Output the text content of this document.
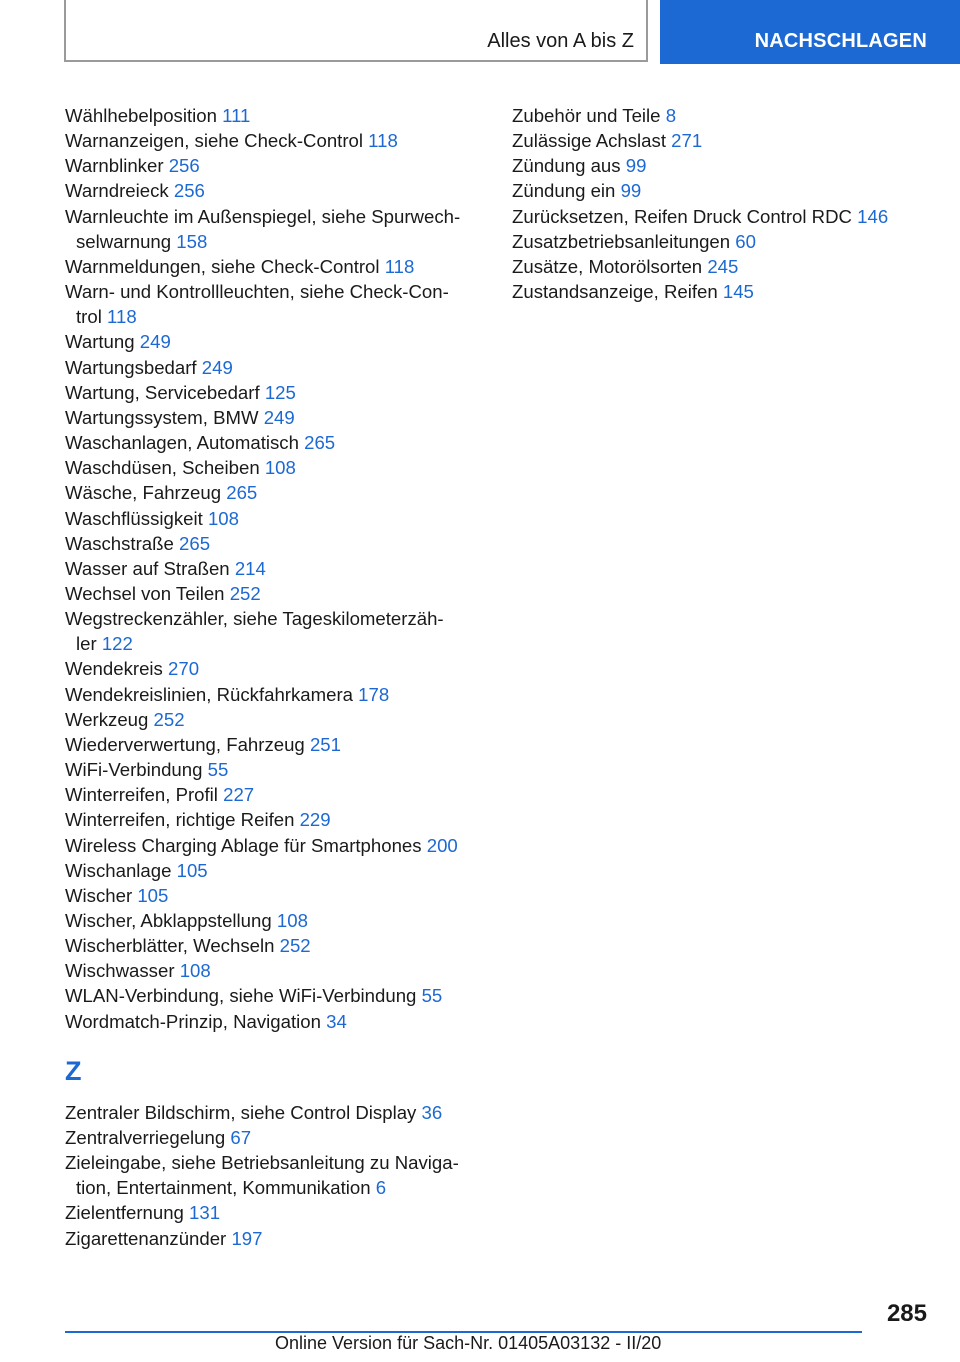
Alles von A bis Z	NACHSCHLAGEN
Wählhebelposition 111
Warnanzeigen, siehe Check-Control 118
Warnblinker 256
Warndreieck 256
Warnleuchte im Außenspiegel, siehe Spurwech-
selwarnung 158
Warnmeldungen, siehe Check-Control 118
Warn- und Kontrollleuchten, siehe Check-Con-
trol 118
Wartung 249
Wartungsbedarf 249
Wartung, Servicebedarf 125
Wartungssystem, BMW 249
Waschanlagen, Automatisch 265
Waschdüsen, Scheiben 108
Wäsche, Fahrzeug 265
Waschflüssigkeit 108
Waschstraße 265
Wasser auf Straßen 214
Wechsel von Teilen 252
Wegstreckenzähler, siehe Tageskilometerzäh-
ler 122
Wendekreis 270
Wendekreislinien, Rückfahrkamera 178
Werkzeug 252
Wiederverwertung, Fahrzeug 251
WiFi-Verbindung 55
Winterreifen, Profil 227
Winterreifen, richtige Reifen 229
Wireless Charging Ablage für Smartphones 200
Wischanlage 105
Wischer 105
Wischer, Abklappstellung 108
Wischerblätter, Wechseln 252
Wischwasser 108
WLAN-Verbindung, siehe WiFi-Verbindung 55
Wordmatch-Prinzip, Navigation 34
Z
Zentraler Bildschirm, siehe Control Display 36
Zentralverriegelung 67
Zieleingabe, siehe Betriebsanleitung zu Naviga-
tion, Entertainment, Kommunikation 6
Zielentfernung 131
Zigarettenanzünder 197
Zubehör und Teile 8
Zulässige Achslast 271
Zündung aus 99
Zündung ein 99
Zurücksetzen, Reifen Druck Control RDC 146
Zusatzbetriebsanleitungen 60
Zusätze, Motorölsorten 245
Zustandsanzeige, Reifen 145
285
Online Version für Sach-Nr. 01405A03132 - II/20
